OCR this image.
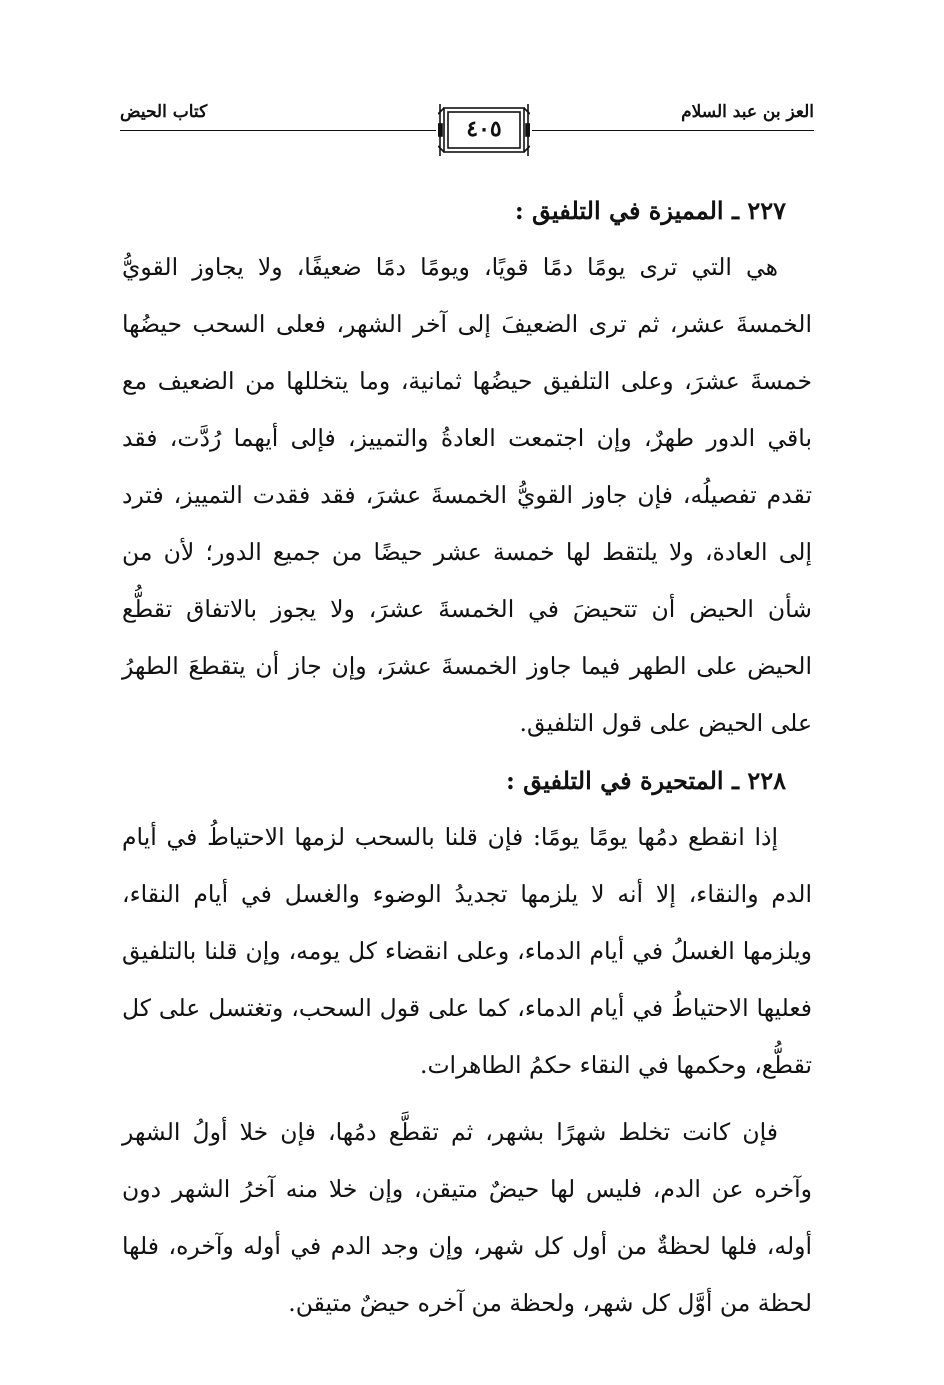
العز بن عبد السلام
٤٠٥
كتاب الحيض

٢٢٧ ـ المميزة في التلفيق :

هي التي ترى يومًا دمًا قويًا، ويومًا دمًا ضعيفًا، ولا يجاوز القويُّ الخمسةَ عشر، ثم ترى الضعيفَ إلى آخر الشهر، فعلى السحب حيضُها خمسةَ عشرَ، وعلى التلفيق حيضُها ثمانية، وما يتخللها من الضعيف مع باقي الدور طهرٌ، وإن اجتمعت العادةُ والتمييز، فإلى أيهما رُدَّت، فقد تقدم تفصيلُه، فإن جاوز القويُّ الخمسةَ عشرَ، فقد فقدت التمييز، فترد إلى العادة، ولا يلتقط لها خمسة عشر حيضًا من جميع الدور؛ لأن من شأن الحيض أن تتحيضَ في الخمسةَ عشرَ، ولا يجوز بالاتفاق تقطُّع الحيض على الطهر فيما جاوز الخمسةَ عشرَ، وإن جاز أن يتقطعَ الطهرُ على الحيض على قول التلفيق.

٢٢٨ ـ المتحيرة في التلفيق :

إذا انقطع دمُها يومًا يومًا: فإن قلنا بالسحب لزمها الاحتياطُ في أيام الدم والنقاء، إلا أنه لا يلزمها تجديدُ الوضوء والغسل في أيام النقاء، ويلزمها الغسلُ في أيام الدماء، وعلى انقضاء كل يومه، وإن قلنا بالتلفيق فعليها الاحتياطُ في أيام الدماء، كما على قول السحب، وتغتسل على كل تقطُّع، وحكمها في النقاء حكمُ الطاهرات.

فإن كانت تخلط شهرًا بشهر، ثم تقطَّع دمُها، فإن خلا أولُ الشهر وآخره عن الدم، فليس لها حيضٌ متيقن، وإن خلا منه آخرُ الشهر دون أوله، فلها لحظةٌ من أول كل شهر، وإن وجد الدم في أوله وآخره، فلها لحظة من أوَّل كل شهر، ولحظة من آخره حيضٌ متيقن.
